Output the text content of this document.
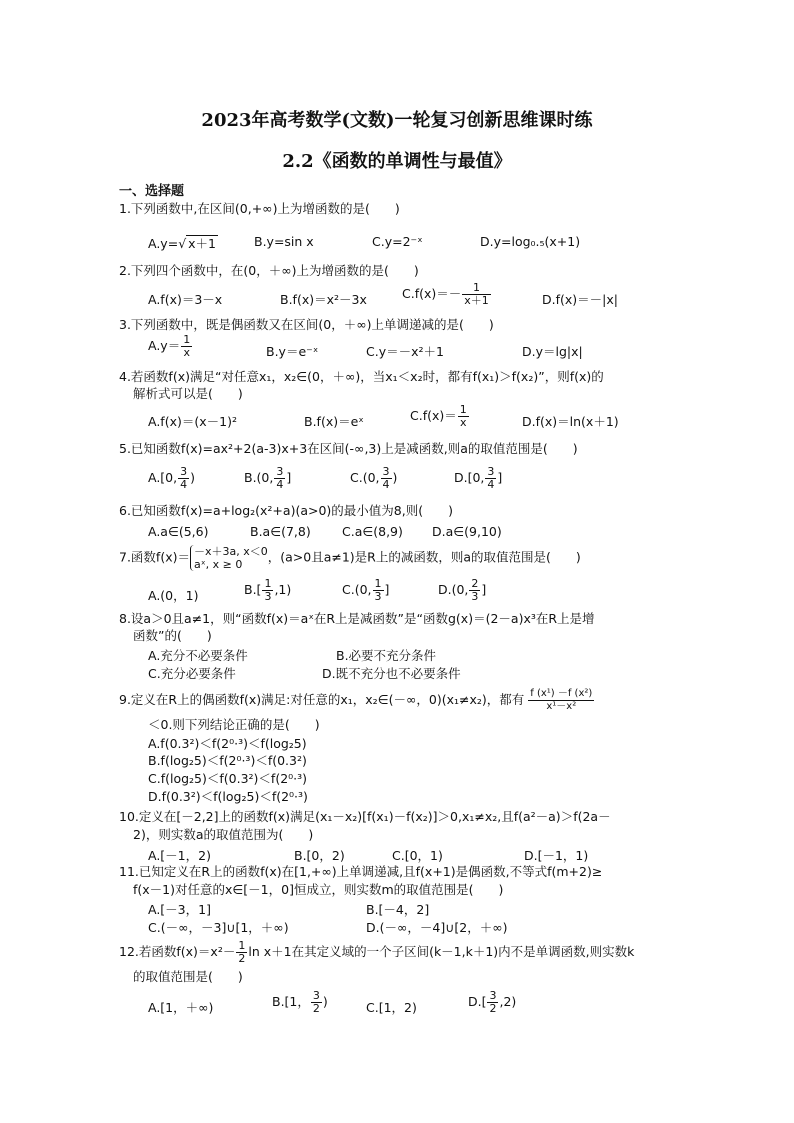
2023年高考数学(文数)一轮复习创新思维课时练
2.2《函数的单调性与最值》
一、选择题
1.下列函数中,在区间(0,+∞)上为增函数的是(　　)
A.y=√ x＋1	B.y=sin x	C.y=2⁻ˣ	D.y=log₀.₅(x+1)
2.下列四个函数中，在(0，＋∞)上为增函数的是(　　)
A.f(x)＝3－x	B.f(x)＝x²－3x	$C.f(x)=- \frac{1}{x+1}$	D.f(x)＝－|x|
3.下列函数中，既是偶函数又在区间(0，＋∞)上单调递减的是(　　)
$A.y= \frac{1}{x}$	B.y＝e⁻ˣ	C.y＝－x²＋1	D.y＝lg|x|
4.若函数f(x)满足“对任意x₁，x₂∈(0，＋∞)，当x₁＜x₂时，都有f(x₁)＞f(x₂)”，则f(x)的
解析式可以是(　　)
A.f(x)＝(x－1)²	B.f(x)＝eˣ	$C.f(x)= \frac{1}{x}$	D.f(x)＝ln(x＋1)
5.已知函数f(x)=ax²+2(a-3)x+3在区间(-∞,3)上是减函数,则a的取值范围是(　　)
A.[0, $\frac{3}{4}$ )	B.(0, $\frac{3}{4}$ ]	C.(0, $\frac{3}{4}$ )	D.[0, $\frac{3}{4}$ ]
6.已知函数f(x)=a+log₂(x²+a)(a>0)的最小值为8,则(　　)
A.a∈(5,6)	B.a∈(7,8)	C.a∈(8,9) D.a∈(9,10)
7.函数f(x)＝ －x＋3a, x＜0
aˣ, x ≥ 0	，(a>0且a≠1)是R上的减函数，则a的取值范围是(　　)
A.(0，1)	$B.[ \frac{1}{3} ,1)$	C.(0, $\frac{1}{3}$ ]	D.(0, $\frac{2}{3}$ ]
8.设a＞0且a≠1，则“函数f(x)＝aˣ在R上是减函数”是“函数g(x)＝(2－a)x³在R上是增
函数”的(　　)
A.充分不必要条件	B.必要不充分条件
C.充分必要条件	D.既不充分也不必要条件
9.定义在R上的偶函数f(x)满足:对任意的x₁，x₂∈(－∞，0)(x₁≠x₂)，都有 $\frac{\text{f (x¹) －f (x²)}}{\text{x¹－x²}}$
＜0.则下列结论正确的是(　　)
A.f(0.3²)＜f(2⁰·³)＜f(log₂5)
B.f(log₂5)＜f(2⁰·³)＜f(0.3²)
C.f(log₂5)＜f(0.3²)＜f(2⁰·³)
D.f(0.3²)＜f(log₂5)＜f(2⁰·³)
10.定义在[－2,2]上的函数f(x)满足(x₁－x₂)[f(x₁)－f(x₂)]＞0,x₁≠x₂,且f(a²－a)＞f(2a－
2)，则实数a的取值范围为(　　)
A.[－1，2)	B.[0，2)	C.[0，1)	D.[－1，1)
11.已知定义在R上的函数f(x)在[1,+∞)上单调递减,且f(x+1)是偶函数,不等式f(m+2)≥
f(x－1)对任意的x∈[－1，0]恒成立，则实数m的取值范围是(　　)
A.[－3，1]	B.[－4，2]
C.(－∞，－3]∪[1，＋∞)	D.(－∞，－4]∪[2，＋∞)
12.若函数$f(x)=x^2- \frac{1}{2}$ ln x＋1在其定义域的一个子区间(k－1,k＋1)内不是单调函数,则实数k
的取值范围是(　　)
A.[1，＋∞)	B.[1， $\frac{3}{2}$ )	C.[1，2)	$D.[ \frac{3}{2} ,2)$
